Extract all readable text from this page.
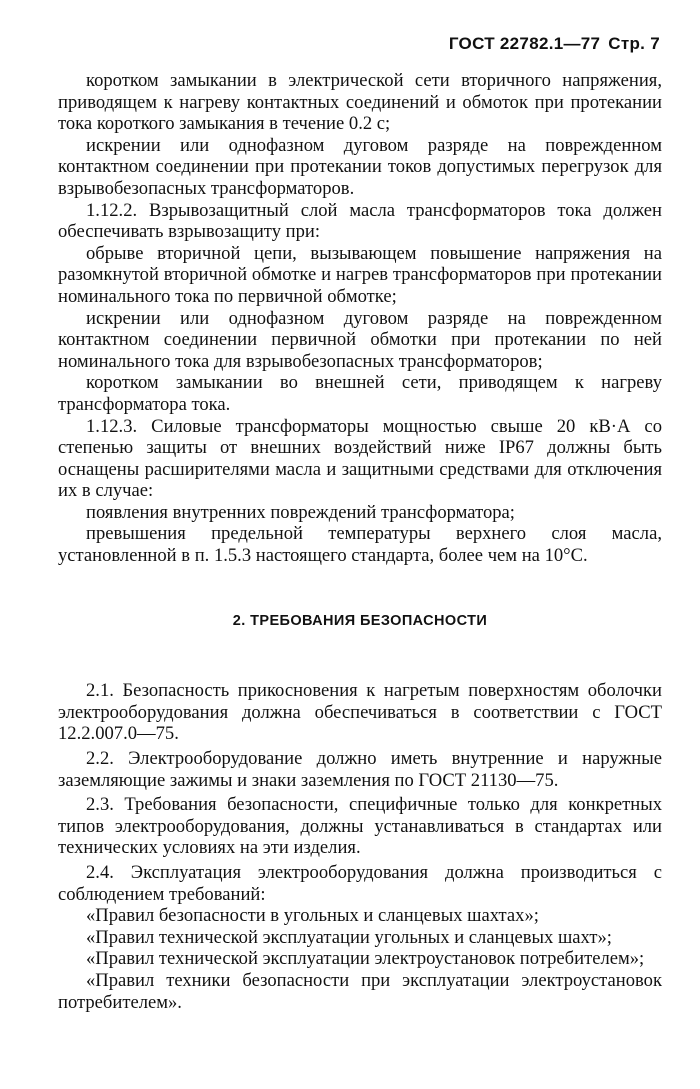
ГОСТ 22782.1—77 Стр. 7

коротком замыкании в электрической сети вторичного напряжения, приводящем к нагреву контактных соединений и обмоток при протекании тока короткого замыкания в течение 0.2 с;

искрении или однофазном дуговом разряде на поврежденном контактном соединении при протекании токов допустимых перегрузок для взрывобезопасных трансформаторов.

1.12.2. Взрывозащитный слой масла трансформаторов тока должен обеспечивать взрывозащиту при:

обрыве вторичной цепи, вызывающем повышение напряжения на разомкнутой вторичной обмотке и нагрев трансформаторов при протекании номинального тока по первичной обмотке;

искрении или однофазном дуговом разряде на поврежденном контактном соединении первичной обмотки при протекании по ней номинального тока для взрывобезопасных трансформаторов;

коротком замыкании во внешней сети, приводящем к нагреву трансформатора тока.

1.12.3. Силовые трансформаторы мощностью свыше 20 кВ·А со степенью защиты от внешних воздействий ниже IP67 должны быть оснащены расширителями масла и защитными средствами для отключения их в случае:

появления внутренних повреждений трансформатора;

превышения предельной температуры верхнего слоя масла, установленной в п. 1.5.3 настоящего стандарта, более чем на 10°С.

2. ТРЕБОВАНИЯ БЕЗОПАСНОСТИ

2.1. Безопасность прикосновения к нагретым поверхностям оболочки электрооборудования должна обеспечиваться в соответствии с ГОСТ 12.2.007.0—75.

2.2. Электрооборудование должно иметь внутренние и наружные заземляющие зажимы и знаки заземления по ГОСТ 21130—75.

2.3. Требования безопасности, специфичные только для конкретных типов электрооборудования, должны устанавливаться в стандартах или технических условиях на эти изделия.

2.4. Эксплуатация электрооборудования должна производиться с соблюдением требований:

«Правил безопасности в угольных и сланцевых шахтах»;

«Правил технической эксплуатации угольных и сланцевых шахт»;

«Правил технической эксплуатации электроустановок потребителем»;

«Правил техники безопасности при эксплуатации электроустановок потребителем».
